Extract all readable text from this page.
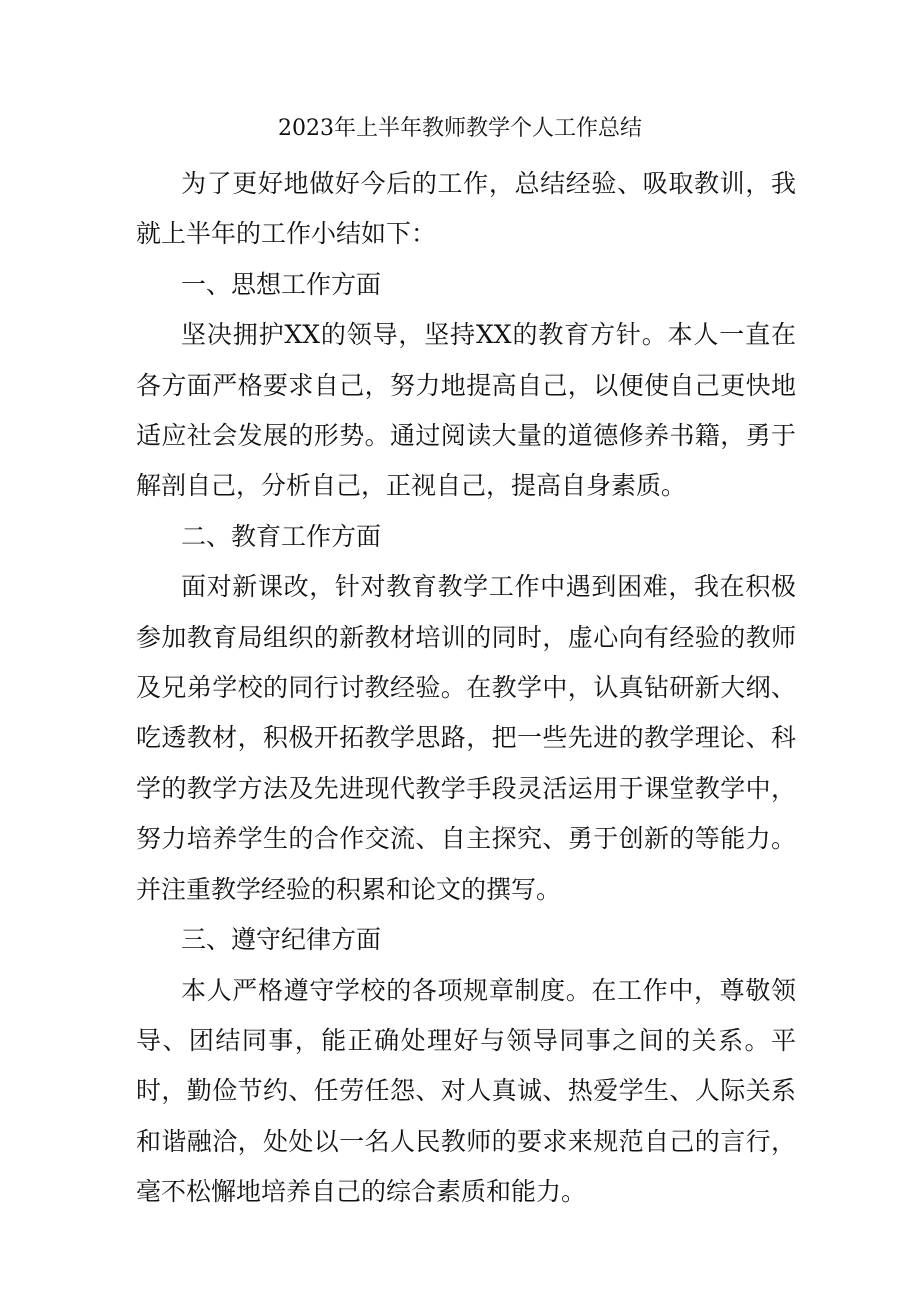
2023年上半年教师教学个人工作总结

为了更好地做好今后的工作，总结经验、吸取教训，我就上半年的工作小结如下：

一、思想工作方面

坚决拥护XX的领导，坚持XX的教育方针。本人一直在各方面严格要求自己，努力地提高自己，以便使自己更快地适应社会发展的形势。通过阅读大量的道德修养书籍，勇于解剖自己，分析自己，正视自己，提高自身素质。

二、教育工作方面

面对新课改，针对教育教学工作中遇到困难，我在积极参加教育局组织的新教材培训的同时，虚心向有经验的教师及兄弟学校的同行讨教经验。在教学中，认真钻研新大纲、吃透教材，积极开拓教学思路，把一些先进的教学理论、科学的教学方法及先进现代教学手段灵活运用于课堂教学中，努力培养学生的合作交流、自主探究、勇于创新的等能力。并注重教学经验的积累和论文的撰写。

三、遵守纪律方面

本人严格遵守学校的各项规章制度。在工作中，尊敬领导、团结同事，能正确处理好与领导同事之间的关系。平时，勤俭节约、任劳任怨、对人真诚、热爱学生、人际关系和谐融洽，处处以一名人民教师的要求来规范自己的言行，毫不松懈地培养自己的综合素质和能力。
